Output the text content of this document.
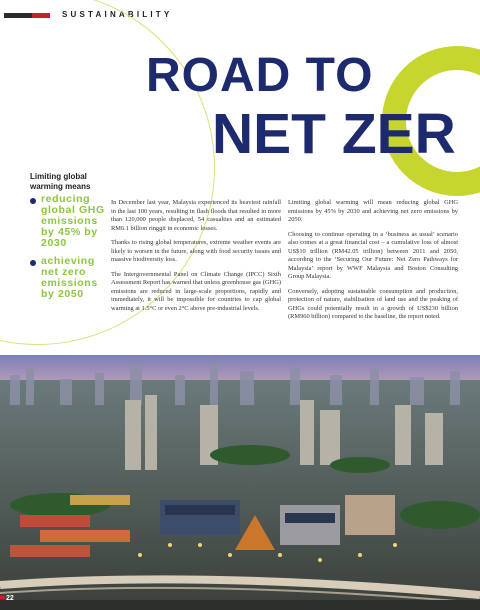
SUSTAINABILITY
ROAD TO
NET ZER
Limiting global
warming means
reducing global GHG emissions by 45% by 2030
achieving net zero emissions by 2050

In December last year, Malaysia experienced its heaviest rainfall in the last 100 years, resulting in flash floods that resulted in more than 120,000 people displaced, 54 casualties and an estimated RM6.1 billion ringgit in economic losses.

Thanks to rising global temperatures, extreme weather events are likely to worsen in the future, along with food security issues and massive biodiversity loss.

The Intergovernmental Panel on Climate Change (IPCC) Sixth Assessment Report has warned that unless greenhouse gas (GHG) emissions are reduced in large-scale proportions, rapidly and immediately, it will be impossible for countries to cap global warming at 1.5°C or even 2°C above pre-industrial levels.

Limiting global warming will mean reducing global GHG emissions by 45% by 2030 and achieving net zero emissions by 2050.

Choosing to continue operating in a ‘business as usual’ scenario also comes at a great financial cost – a cumulative loss of almost US$10 trillion (RM42.05 trillion) between 2011 and 2050, according to the ‘Securing Our Future: Net Zero Pathways for Malaysia’ report by WWF Malaysia and Boston Consulting Group Malaysia.

Conversely, adopting sustainable consumption and production, protection of nature, stabilisation of land use and the peaking of GHGs could potentially result in a growth of US$230 billion (RM960 billion) compared to the baseline, the report noted.

22
